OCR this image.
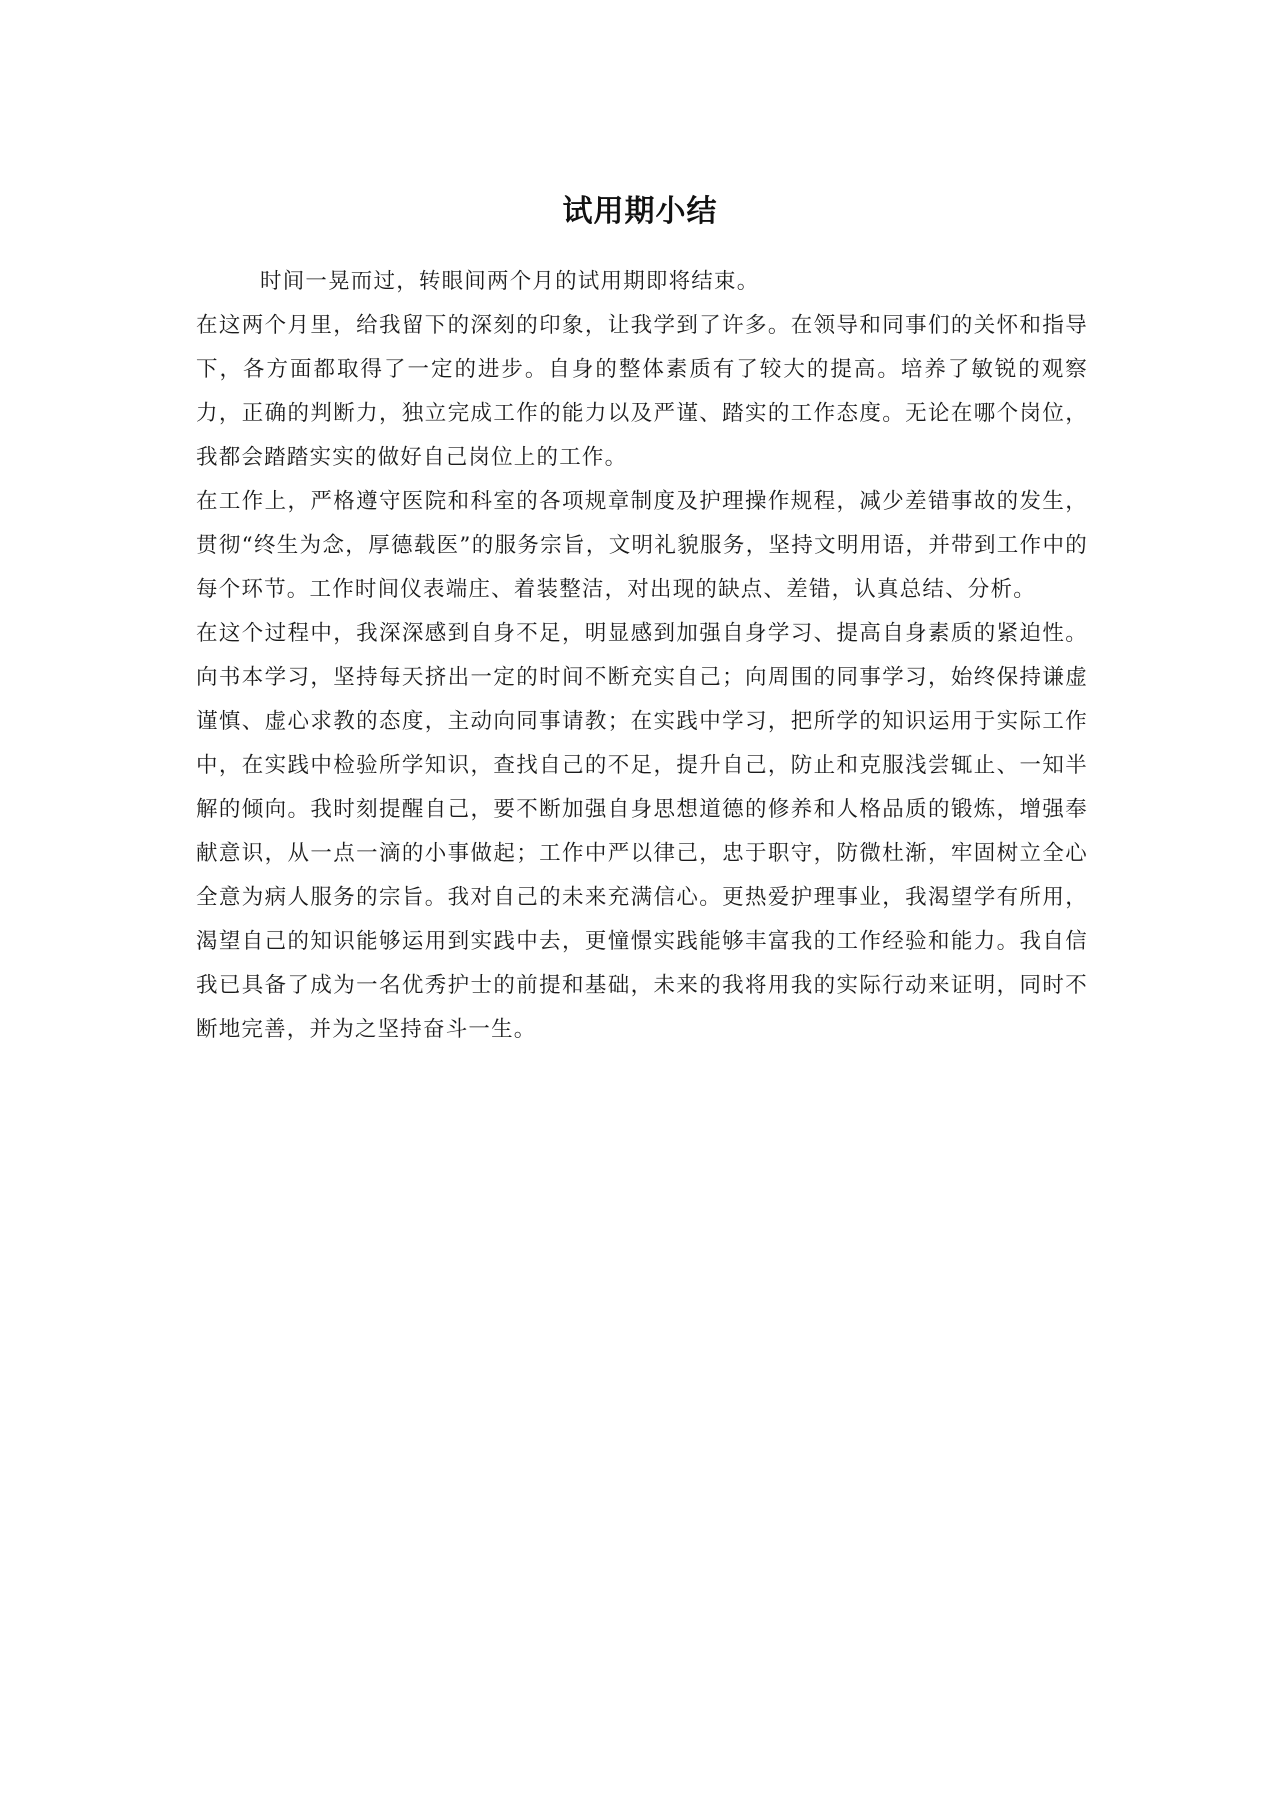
试用期小结

时间一晃而过，转眼间两个月的试用期即将结束。

在这两个月里，给我留下的深刻的印象，让我学到了许多。在领导和同事们的关怀和指导下，各方面都取得了一定的进步。自身的整体素质有了较大的提高。培养了敏锐的观察力，正确的判断力，独立完成工作的能力以及严谨、踏实的工作态度。无论在哪个岗位，我都会踏踏实实的做好自己岗位上的工作。

在工作上，严格遵守医院和科室的各项规章制度及护理操作规程，减少差错事故的发生，贯彻“终生为念，厚德载医”的服务宗旨，文明礼貌服务，坚持文明用语，并带到工作中的每个环节。工作时间仪表端庄、着装整洁，对出现的缺点、差错，认真总结、分析。

在这个过程中，我深深感到自身不足，明显感到加强自身学习、提高自身素质的紧迫性。向书本学习，坚持每天挤出一定的时间不断充实自己；向周围的同事学习，始终保持谦虚谨慎、虚心求教的态度，主动向同事请教；在实践中学习，把所学的知识运用于实际工作中，在实践中检验所学知识，查找自己的不足，提升自己，防止和克服浅尝辄止、一知半解的倾向。我时刻提醒自己，要不断加强自身思想道德的修养和人格品质的锻炼，增强奉献意识，从一点一滴的小事做起；工作中严以律己，忠于职守，防微杜渐，牢固树立全心全意为病人服务的宗旨。我对自己的未来充满信心。更热爱护理事业，我渴望学有所用，渴望自己的知识能够运用到实践中去，更憧憬实践能够丰富我的工作经验和能力。我自信我已具备了成为一名优秀护士的前提和基础，未来的我将用我的实际行动来证明，同时不断地完善，并为之坚持奋斗一生。
